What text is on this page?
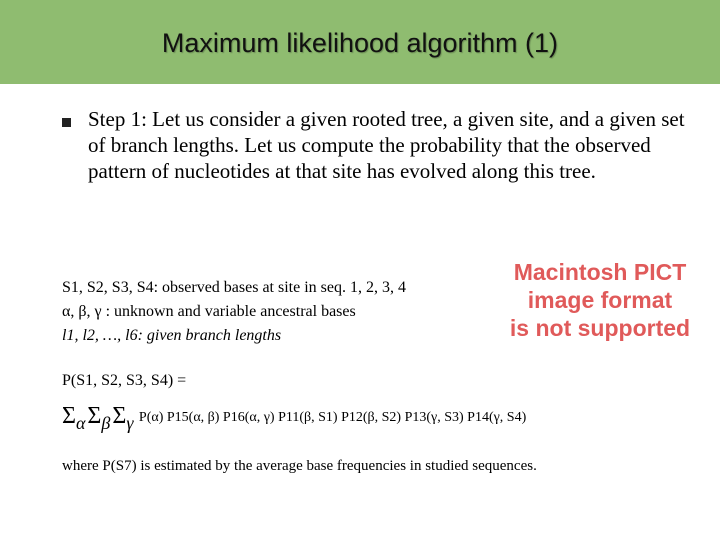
Maximum likelihood algorithm (1)
Step 1: Let us consider a given rooted tree, a given site, and a given set of branch lengths. Let us compute the probability that the observed pattern of nucleotides at that site has evolved along this tree.
S1, S2, S3, S4: observed bases at site in seq. 1, 2, 3, 4
α, β, γ : unknown and variable ancestral bases
l1, l2, …, l6: given branch lengths
Macintosh PICT
image format
is not supported
P(S1, S2, S3, S4) =
ΣαΣβΣγ P(α) P15(α, β) P16(α, γ) P11(β, S1) P12(β, S2) P13(γ, S3) P14(γ, S4)
where P(S7) is estimated by the average base frequencies in studied sequences.
